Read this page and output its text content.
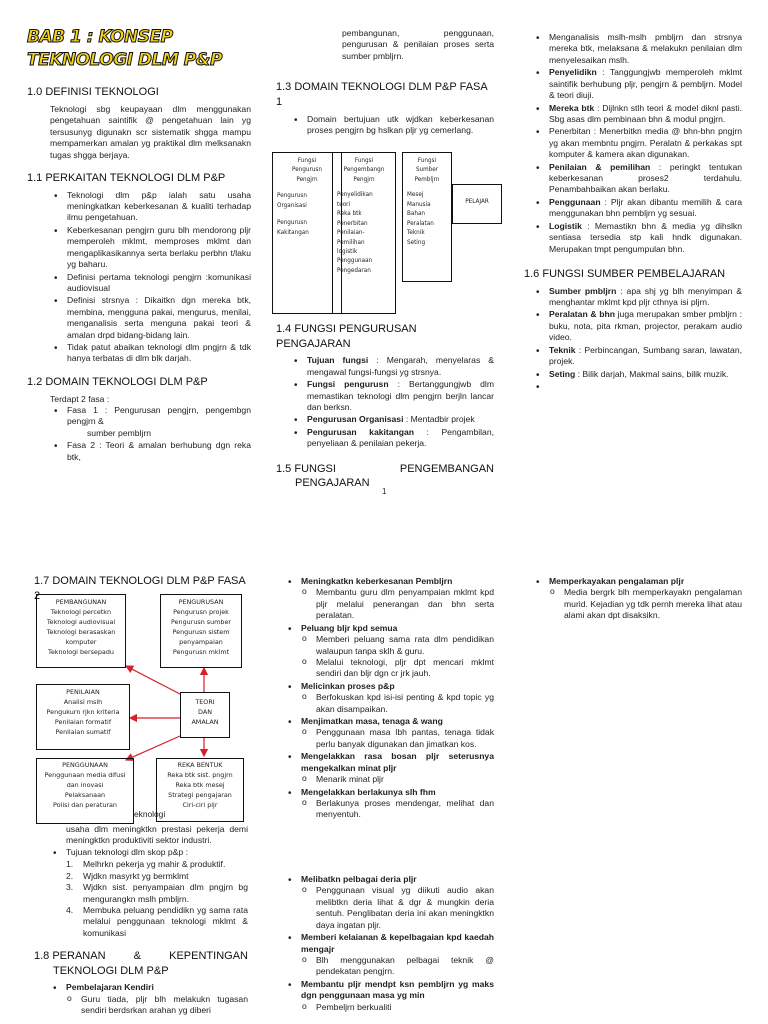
BAB 1 : KONSEP TEKNOLOGI DLM P&P
1.0 DEFINISI TEKNOLOGI
Teknologi sbg keupayaan dlm menggunakan pengetahuan saintifik @ pengetahuan lain yg tersusunyg digunakn scr sistematik shgga mampu mempamerkan amalan yg praktikal dlm melksanakn tugas shgga berjaya.
1.1 PERKAITAN TEKNOLOGI DLM P&P
• Teknologi dlm p&p ialah satu usaha meningkatkan keberkesanan & kualiti terhadap ilmu pengetahuan.
• Keberkesanan pengjrn guru blh mendorong pljr memperoleh mklmt, memproses mklmt dan mengaplikasikannya serta berlaku perbhn t/laku yg baharu.
• Definisi pertama teknologi pengjrn :komunikasi audiovisual
• Definisi strsnya : Dikaitkn dgn mereka btk, membina, mengguna pakai, mengurus, menilai, menganalisis serta menguna pakai teori & amalan drpd bidang-bidang lain.
• Tidak patut abaikan teknologi dlm pngjrn & tdk hanya terbatas di dlm blk darjah.
1.2 DOMAIN TEKNOLOGI DLM P&P
Terdapt 2 fasa :
• Fasa 1 : Pengurusan pengjrn, pengembgn pengjrn &
sumber pemblјrn
• Fasa 2 : Teori & amalan berhubung dgn reka btk,
pembangunan, penggunaan, pengurusan & penilaian proses serta sumber pmbljrn.
1.3 DOMAIN TEKNOLOGI DLM P&P FASA 1
• Domain bertujuan utk wjdkan keberkesanan proses pengjrn bg hslkan pljr yg cemerlang.
Fungsi Pengurusn Pengjrn
Pengurusn Organisasi
Pengurusn Kakitangan
Fungsi Pengembangn Pengjrn
Penyelidikan
teori
Reka btk
Penerbitan
Penilaian-
Pemilihan
logistik
Penggunaan
Pengedaran
Fungsi Sumber Pembljrn
Mesej
Manusia
Bahan
Peralatan
Teknik
Seting
PELAJAR
1.4 FUNGSI PENGURUSAN PENGAJARAN
• Tujuan fungsi : Mengarah, menyelaras & mengawal fungsi-fungsi yg strsnya.
• Fungsi pengurusn : Bertanggungjwb dlm memastikan teknologi dlm pengjrn berjln lancar dan berksn.
• Pengurusan Organisasi : Mentadbir projek
• Pengurusan kakitangan : Pengambilan, penyeliaan & penilaian pekerja.
1.5 FUNGSI	PENGEMBANGAN
PENGAJARAN
1
• Menganalisis mslh-mslh pmbljrn dan strsnya mereka btk, melaksana & melakukn penilaian dlm menyelesaikan mslh.
• Penyelidikn : Tanggungjwb memperoleh mklmt saintifik berhubung pljr, pengjrn & pembljrn. Model & teori diuji.
• Mereka btk : Dijlnkn stlh teori & model diknl pasti. Sbg asas dlm pembinaan bhn & modul pngjrn.
• Penerbitan : Menerbitkn media @ bhn-bhn pngjrn yg akan membntu pngjrn. Peralatn & perkakas spt komputer & kamera akan digunakan.
• Penilaian & pemilihan : peringkt tentukan keberkesanan proses2 terdahulu. Penambahbaikan akan berlaku.
• Penggunaan : Pljr akan dibantu memilih & cara menggunakan bhn pembljrn yg sesuai.
• Logistik : Memastikn bhn & media yg dihslkn sentiasa tersedia stp kali hndk digunakan. Merupakan tmpt pengumpulan bhn.
1.6 FUNGSI SUMBER PEMBELAJARAN
• Sumber pmbljrn : apa shj yg blh menyimpan & menghantar mklmt kpd pljr cthnya isi pljrn.
• Peralatan & bhn juga merupakan smber pmbljrn : buku, nota, pita rkman, projector, perakam audio video.
• Teknik : Perbincangan, Sumbang saran, lawatan, projek.
• Seting : Bilik darjah, Makmal sains, bilik muzik.
•
1.7 DOMAIN TEKNOLOGI DLM P&P FASA 2
PEMBANGUNAN
Teknologi percetkn
Teknologi audiovisual
Teknologi berasaskan
komputer
Teknologi bersepadu
PENGURUSAN
Pengurusn projek
Pengurusn sumber
Pengurusn sistem
penyampaian
Pengurusn mklmt
PENILAIAN
Analisi mslh
Pengukurn rjkn kriteria
Penilaian formatif
Penilaian sumatif
TEORI
DAN
AMALAN
PENGGUNAAN
Penggunaan media difusi
dan inovasi
Pelaksanaan
Polisi dan peraturan
REKA BENTUK
Reka btk sist. pngjrn
Reka btk mesej
Strategi pengajaran
Ciri-ciri pljr
eknologi
usaha dlm meningktkn prestasi pekerja demi meningktkn produktiviti sektor industri.
• Tujuan teknologi dlm skop p&p :
1. Melhrkn pekerja yg mahir & produktif.
2. Wjdkn masyrkt yg bermklmt
3. Wjdkn sist. penyampaian dlm pngjrn bg mengurangkn mslh pmbljrn.
4. Membuka peluang pendidikn yg sama rata melalui penggunaan teknologi mklmt & komunikasi
1.8 PERANAN	&	KEPENTINGAN
TEKNOLOGI DLM P&P
• Pembelajaran Kendiri
o Guru tiada, pljr blh melakukn tugasan sendiri berdsrkan arahan yg diberi
• Meningkatkn keberkesanan Pembljrn
o Membantu guru dlm penyampaian mklmt kpd pljr melalui penerangan dan bhn serta peralatan.
• Peluang bljr kpd semua
o Memberi peluang sama rata dlm pendidikan walaupun tanpa sklh & guru.
o Melalui teknologi, pljr dpt mencari mklmt sendiri dan bljr dgn cr jrk jauh.
• Melicinkan proses p&p
o Berfokuskan kpd isi-isi penting & kpd topic yg akan disampaikan.
• Menjimatkan masa, tenaga & wang
o Penggunaan masa lbh pantas, tenaga tidak perlu banyak digunakan dan jimatkan kos.
• Mengelakkan rasa bosan pljr seterusnya mengekalkan minat pljr
o Menarik minat pljr
• Mengelakkan berlakunya slh fhm
o Berlakunya proses mendengar, melihat dan menyentuh.
• Melibatkn pelbagai deria pljr
o Penggunaan visual yg diikuti audio akan melibtkn deria lihat & dgr & mungkin deria sentuh. Penglibatan deria ini akan meningktkn daya ingatan pljr.
• Memberi kelaianan & kepelbagaian kpd kaedah mengajr
o Blh menggunakan pelbagai teknik @ pendekatan pengjrn.
• Membantu pljr mendpt ksn pembljrn yg maks dgn penggunaan masa yg min
o Pembeljrn berkualiti
• Memperkayakan pengalaman pljr
o Media bergrk blh memperkayakn pengalaman murid. Kejadian yg tdk pernh mereka lihat atau alami akan dpt disaksikn.
